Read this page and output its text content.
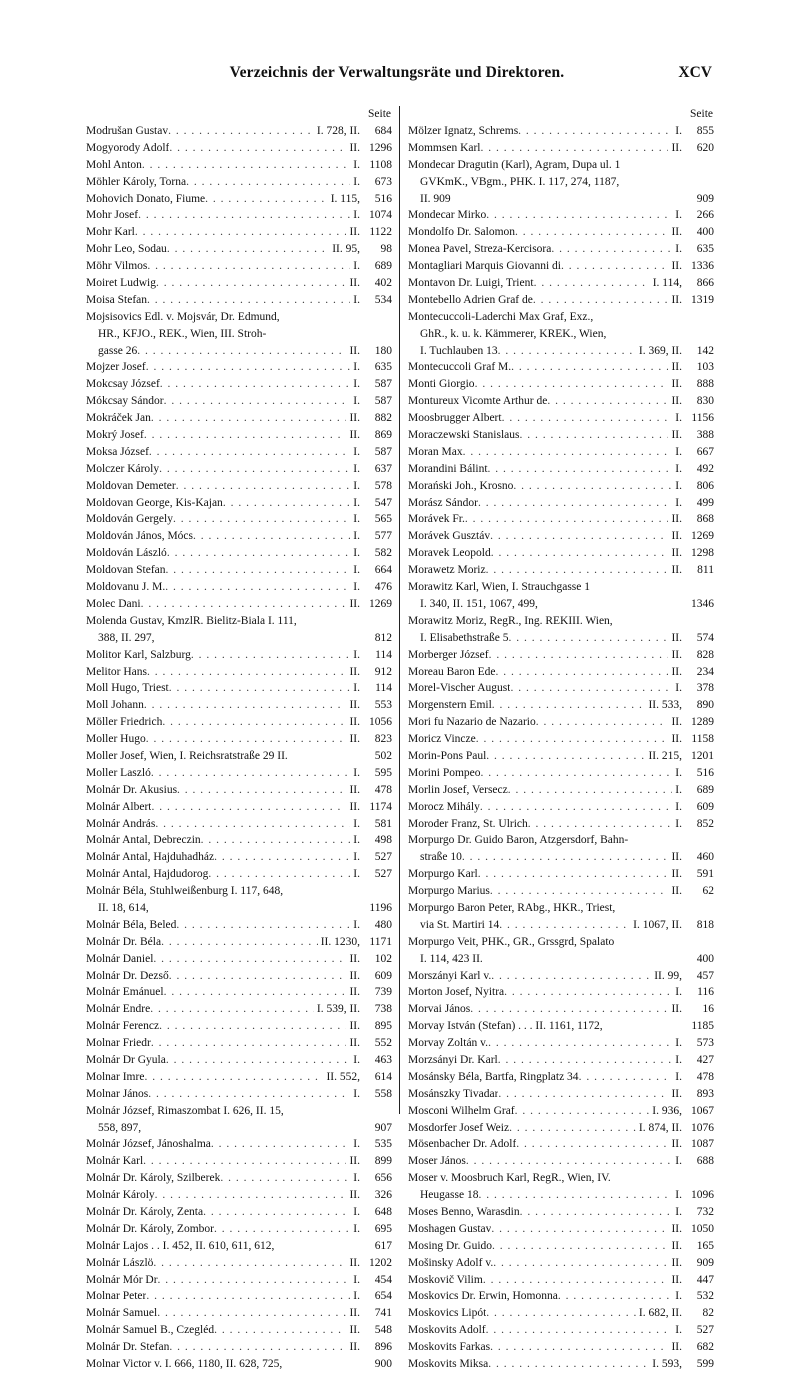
Verzeichnis der Verwaltungsräte und Direktoren.	XCV
Seite
Modrušan Gustav . . .	I. 728, II.	684
Mogyorody Adolf . . .	II. 1296
Mohl Anton . . .	I. 1108
Möhler Károly, Torna . . .	I.	673
Mohovich Donato, Fiume . . .	I. 115,	516
Mohr Josef . . .	I. 1074
Mohr Karl . . .	II. 1122
Mohr Leo, Sodau . . .	II. 95,	98
Möhr Vilmos . . .	I.	689
Moiret Ludwig . . .	II.	402
Moisa Stefan . . .	I.	534
Mojsisovics Edl. v. Mojsvár, Dr. Edmund,
HR., KFJO., REK., Wien, III. Stroh-
gasse 26 . . .	II.	180
Mojzer Josef . . .	I.	635
Mokcsay József . . .	I.	587
Mókcsay Sándor . . .	I.	587
Mokráček Jan . . .	II.	882
Mokrý Josef . . .	II.	869
Moksa József . . .	I.	587
Molczer Károly . . .	I.	637
Moldovan Demeter . . .	I.	578
Moldovan George, Kis-Kajan . . .	I.	547
Moldován Gergely . . .	I.	565
Moldován János, Mócs . . .	I.	577
Moldován László . . .	I.	582
Moldovan Stefan . . .	I.	664
Moldovanu J. M. . . .	I.	476
Molec Dani . . .	II. 1269
Molenda Gustav, KmzlR. Bielitz-Biala I. 111,
388, II. 297,	812
Molitor Karl, Salzburg . . .	I.	114
Melitor Hans . . .	II.	912
Moll Hugo, Triest . . .	I.	114
Moll Johann . . .	II.	553
Möller Friedrich . . .	II. 1056
Moller Hugo . . .	II.	823
Moller Josef, Wien, I. Reichsratstraße 29 II.	502
Moller Laszló . . .	I.	595
Molnár Dr. Akusius . . .	II.	478
Molnár Albert . . .	II. 1174
Molnár András . . .	I.	581
Molnár Antal, Debreczin . . .	I.	498
Molnár Antal, Hajduhadház . . .	I.	527
Molnár Antal, Hajdudorog . . .	I.	527
Molnár Béla, Stuhlweißenburg I. 117, 648,
II. 18, 614,	1196
Molnár Béla, Beled . . .	I.	480
Molnár Dr. Béla . . .	II. 1230, 1171
Molnár Daniel . . .	II.	102
Molnár Dr. Dezső . . .	II.	609
Molnár Emánuel . . .	II.	739
Molnár Endre . . .	I. 539, II.	738
Molnár Ferencz . . .	II.	895
Molnar Friedr . . .	II.	552
Molnár Dr Gyula . . .	I.	463
Molnar Imre . . .	II. 552,	614
Molnar János . . .	I.	558
Molnár József, Rimaszombat I. 626, II. 15,
558, 897,	907
Molnár József, Jánoshalma . . .	I.	535
Molnár Karl . . .	II.	899
Molnár Dr. Károly, Szilberek . . .	I.	656
Molnár Károly . . .	II.	326
Molnár Dr. Károly, Zenta . . .	I.	648
Molnár Dr. Károly, Zombor . . .	I.	695
Molnár Lajos . . I. 452, II. 610, 611, 612,	617
Molnár Lászlö . . .	II. 1202
Molnár Mór Dr . . .	I.	454
Molnar Peter . . .	I.	654
Molnár Samuel . . .	II.	741
Molnár Samuel B., Czegléd . . .	II.	548
Molnár Dr. Stefan . . .	II.	896
Molnar Victor v. I. 666, 1180, II. 628, 725,	900
Seite
Mölzer Ignatz, Schrems . . .	I.	855
Mommsen Karl . . .	II.	620
Mondecar Dragutin (Karl), Agram, Dupa ul. 1
GVKmK., VBgm., PHK. I. 117, 274, 1187,
II. 909	909
Mondecar Mirko . . .	I.	266
Mondolfo Dr. Salomon . . .	II.	400
Monea Pavel, Streza-Kercisora . . .	I.	635
Montagliari Marquis Giovanni di . . .	II. 1336
Montavon Dr. Luigi, Trient . . .	I. 114,	866
Montebello Adrien Graf de . . .	II. 1319
Montecuccoli-Laderchi Max Graf, Exz.,
GhR., k. u. k. Kämmerer, KREK., Wien,
I. Tuchlauben 13 . . .	I. 369, II.	142
Montecuccoli Graf M. . . .	II.	103
Monti Giorgio . . .	II.	888
Montureux Vicomte Arthur de . . .	II.	830
Moosbrugger Albert . . .	I. 1156
Moraczewski Stanislaus . . .	II.	388
Moran Max . . .	I.	667
Morandini Bálint . . .	I.	492
Morański Joh., Krosno . . .	I.	806
Morász Sándor . . .	I.	499
Morávek Fr. . . .	II.	868
Morávek Gusztáv . . .	II. 1269
Moravek Leopold . . .	II. 1298
Morawetz Moriz . . .	II.	811
Morawitz Karl, Wien, I. Strauchgasse 1
I. 340, II. 151, 1067, 499,	1346
Morawitz Moriz, RegR., Ing. REKIII. Wien,
I. Elisabethstraße 5 . . .	II.	574
Morberger József . . .	II.	828
Moreau Baron Ede . . .	II.	234
Morel-Vischer August . . .	I.	378
Morgenstern Emil . . .	II. 533,	890
Mori fu Nazario de Nazario . . .	II. 1289
Moricz Vincze . . .	II. 1158
Morin-Pons Paul . . .	II. 215, 1201
Morini Pompeo . . .	I.	516
Morlin Josef, Versecz . . .	I.	689
Morocz Mihály . . .	I.	609
Moroder Franz, St. Ulrich . . .	I.	852
Morpurgo Dr. Guido Baron, Atzgersdorf, Bahn-
straße 10 . . .	II.	460
Morpurgo Karl . . .	II.	591
Morpurgo Marius . . .	II.	62
Morpurgo Baron Peter, RAbg., HKR., Triest,
via St. Martiri 14 . . .	I. 1067, II.	818
Morpurgo Veit, PHK., GR., Grssgrd, Spalato
I. 114, 423 II.	400
Morszányi Karl v. . . .	II. 99,	457
Morton Josef, Nyitra . . .	I.	116
Morvai János . . .	II.	16
Morvay István (Stefan) . . . II. 1161, 1172,	1185
Morvay Zoltán v. . . .	I.	573
Morzsányi Dr. Karl . . .	I.	427
Mosánsky Béla, Bartfa, Ringplatz 34 . . .	I.	478
Mosánszky Tivadar . . .	II.	893
Mosconi Wilhelm Graf . . .	I. 936, 1067
Mosdorfer Josef Weiz . . .	I. 874, II. 1076
Mösenbacher Dr. Adolf . . .	II. 1087
Moser János . . .	I.	688
Moser v. Moosbruch Karl, RegR., Wien, IV.
Heugasse 18 . . .	I. 1096
Moses Benno, Warasdin . . .	I.	732
Moshagen Gustav . . .	II. 1050
Mosing Dr. Guido . . .	II.	165
Mošinsky Adolf v. . . .	II.	909
Moskovič Vilim . . .	II.	447
Moskovics Dr. Erwin, Homonna . . .	I.	532
Moskovics Lipót . . .	I. 682, II.	82
Moskovits Adolf . . .	I.	527
Moskovits Farkas . . .	II.	682
Moskovits Miksa . . .	I. 593,	599
